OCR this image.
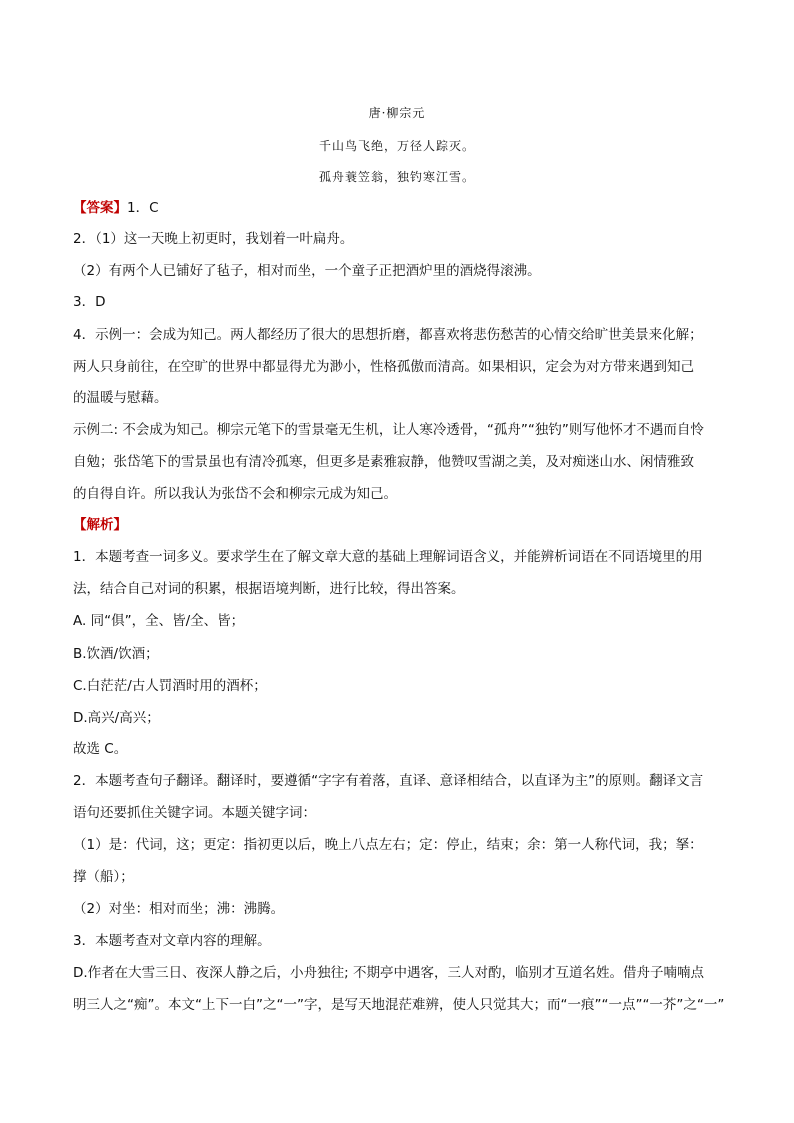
唐·柳宗元
千山鸟飞绝，万径人踪灭。
孤舟蓑笠翁，独钓寒江雪。
【答案】1．C
2．（1）这一天晚上初更时，我划着一叶扁舟。
（2）有两个人已铺好了毡子，相对而坐，一个童子正把酒炉里的酒烧得滚沸。
3．D
4．示例一：会成为知己。两人都经历了很大的思想折磨，都喜欢将悲伤愁苦的心情交给旷世美景来化解；
两人只身前往，在空旷的世界中都显得尤为渺小，性格孤傲而清高。如果相识，定会为对方带来遇到知己
的温暖与慰藉。
示例二: 不会成为知己。柳宗元笔下的雪景毫无生机，让人寒冷透骨，“孤舟”“独钓”则写他怀才不遇而自怜
自勉；张岱笔下的雪景虽也有清冷孤寒，但更多是素雅寂静，他赞叹雪湖之美，及对痴迷山水、闲情雅致
的自得自许。所以我认为张岱不会和柳宗元成为知己。
【解析】
1．本题考查一词多义。要求学生在了解文章大意的基础上理解词语含义，并能辨析词语在不同语境里的用
法，结合自己对词的积累，根据语境判断，进行比较，得出答案。
A. 同“俱”，全、皆/全、皆；
B.饮酒/饮酒；
C.白茫茫/古人罚酒时用的酒杯；
D.高兴/高兴；
故选 C。
2．本题考查句子翻译。翻译时，要遵循“字字有着落，直译、意译相结合，以直译为主”的原则。翻译文言
语句还要抓住关键字词。本题关键字词：
（1）是：代词，这；更定：指初更以后，晚上八点左右；定：停止，结束；余：第一人称代词，我；拏：
撑（船）；
（2）对坐：相对而坐；沸：沸腾。
3．本题考查对文章内容的理解。
D.作者在大雪三日、夜深人静之后，小舟独往; 不期亭中遇客，三人对酌，临别才互道名姓。借舟子喃喃点
明三人之“痴”。本文“上下一白”之“一”字，是写天地混茫难辨，使人只觉其大；而“一痕”“一点”“一芥”之“一”
